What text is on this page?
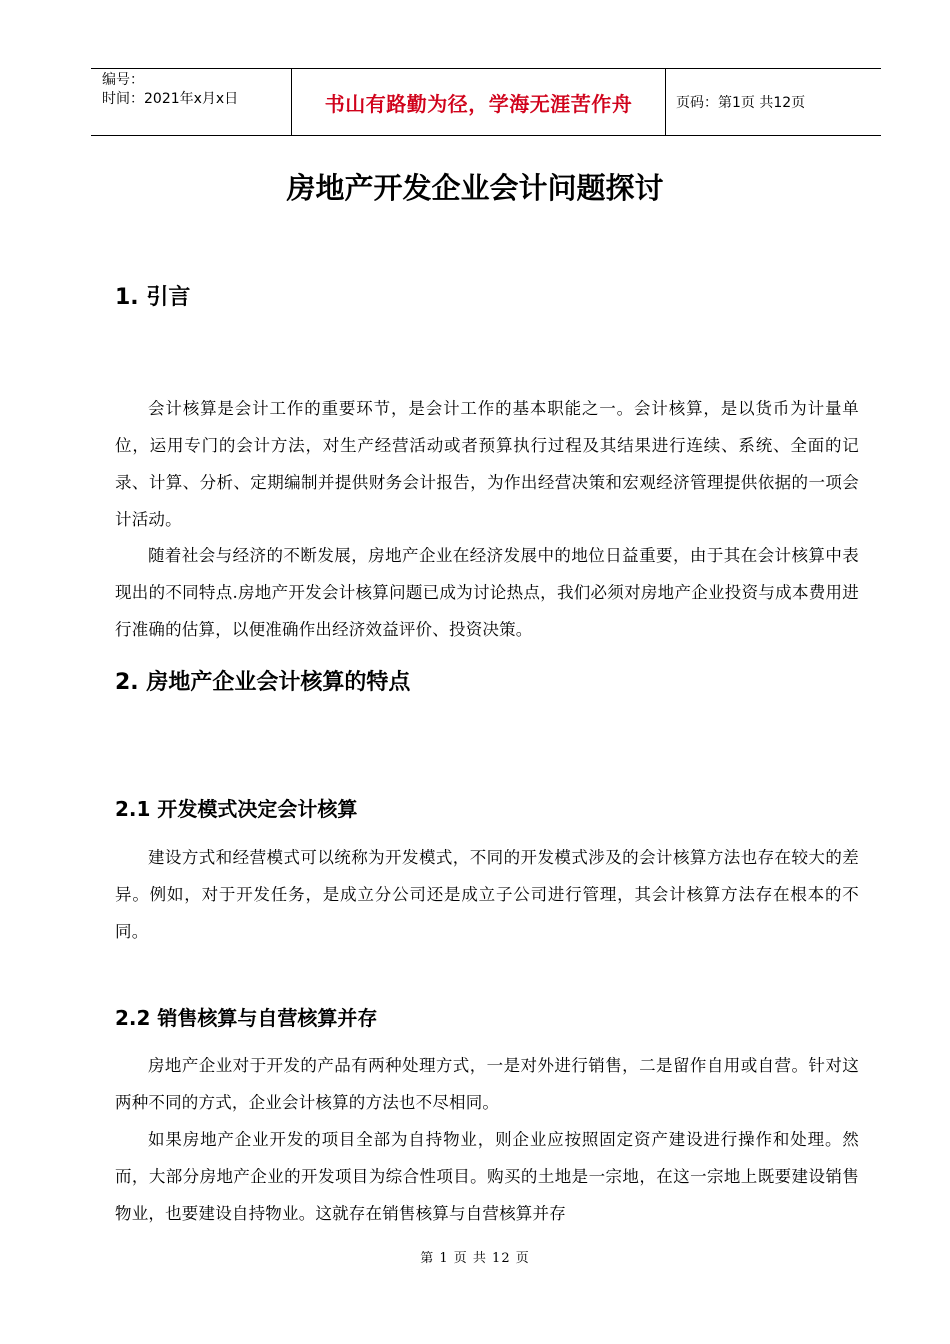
编号：
时间：2021年x月x日	书山有路勤为径，学海无涯苦作舟	页码：第1页 共12页
房地产开发企业会计问题探讨
1. 引言

会计核算是会计工作的重要环节，是会计工作的基本职能之一。会计核算，是以货币为计量单位，运用专门的会计方法，对生产经营活动或者预算执行过程及其结果进行连续、系统、全面的记录、计算、分析、定期编制并提供财务会计报告，为作出经营决策和宏观经济管理提供依据的一项会计活动。

随着社会与经济的不断发展，房地产企业在经济发展中的地位日益重要，由于其在会计核算中表现出的不同特点.房地产开发会计核算问题已成为讨论热点，我们必须对房地产企业投资与成本费用进行准确的估算，以便准确作出经济效益评价、投资决策。

2. 房地产企业会计核算的特点
2.1 开发模式决定会计核算

建设方式和经营模式可以统称为开发模式，不同的开发模式涉及的会计核算方法也存在较大的差异。例如，对于开发任务，是成立分公司还是成立子公司进行管理，其会计核算方法存在根本的不同。

2.2 销售核算与自营核算并存

房地产企业对于开发的产品有两种处理方式，一是对外进行销售，二是留作自用或自营。针对这两种不同的方式，企业会计核算的方法也不尽相同。

如果房地产企业开发的项目全部为自持物业，则企业应按照固定资产建设进行操作和处理。然而，大部分房地产企业的开发项目为综合性项目。购买的土地是一宗地，在这一宗地上既要建设销售物业，也要建设自持物业。这就存在销售核算与自营核算并存

第 1 页 共 12 页
